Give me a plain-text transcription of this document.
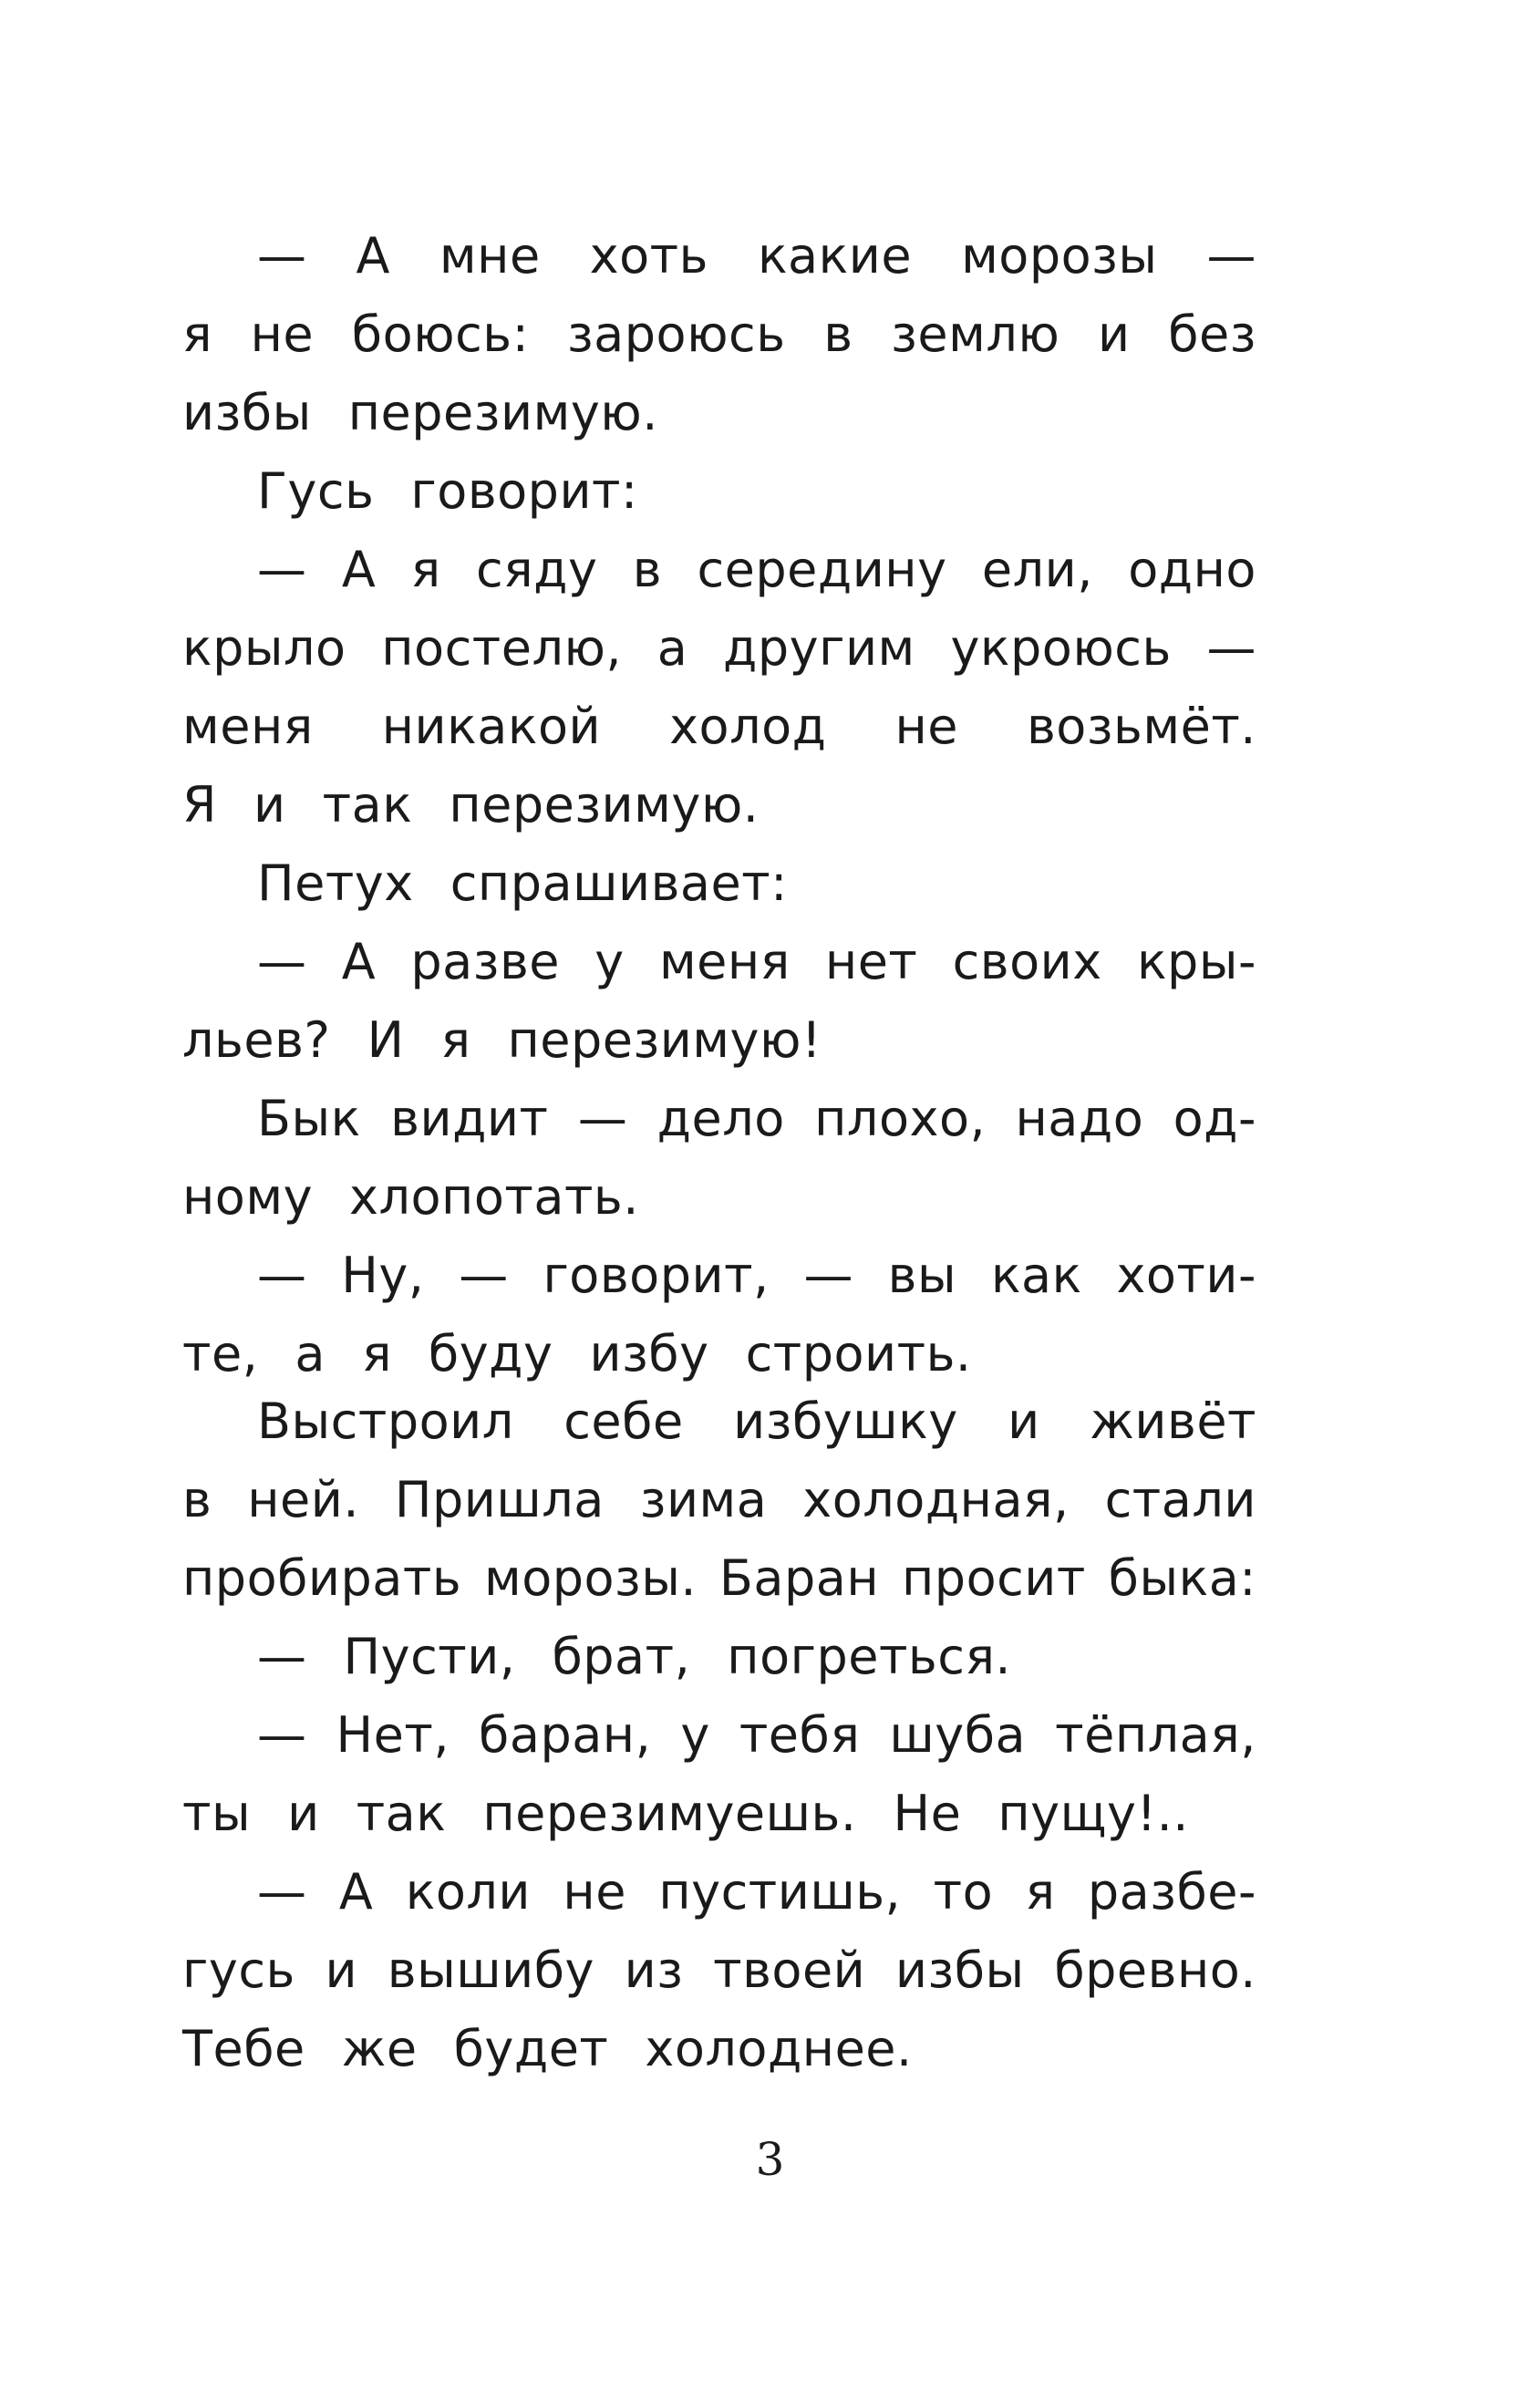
— А мне хоть какие морозы —
я не боюсь: зароюсь в землю и без
избы перезимую.
Гусь говорит:
— А я сяду в середину ели, одно
крыло постелю, а другим укроюсь —
меня никакой холод не возьмёт.
Я и так перезимую.
Петух спрашивает:
— А разве у меня нет своих кры-
льев? И я перезимую!
Бык видит — дело плохо, надо од-
ному хлопотать.
— Ну, — говорит, — вы как хоти-
те, а я буду избу строить.
Выстроил себе избушку и живёт
в ней. Пришла зима холодная, стали
пробирать морозы. Баран просит быка:
— Пусти, брат, погреться.
— Нет, баран, у тебя шуба тёплая,
ты и так перезимуешь. Не пущу!..
— А коли не пустишь, то я разбе-
гусь и вышибу из твоей избы бревно.
Тебе же будет холоднее.
3
